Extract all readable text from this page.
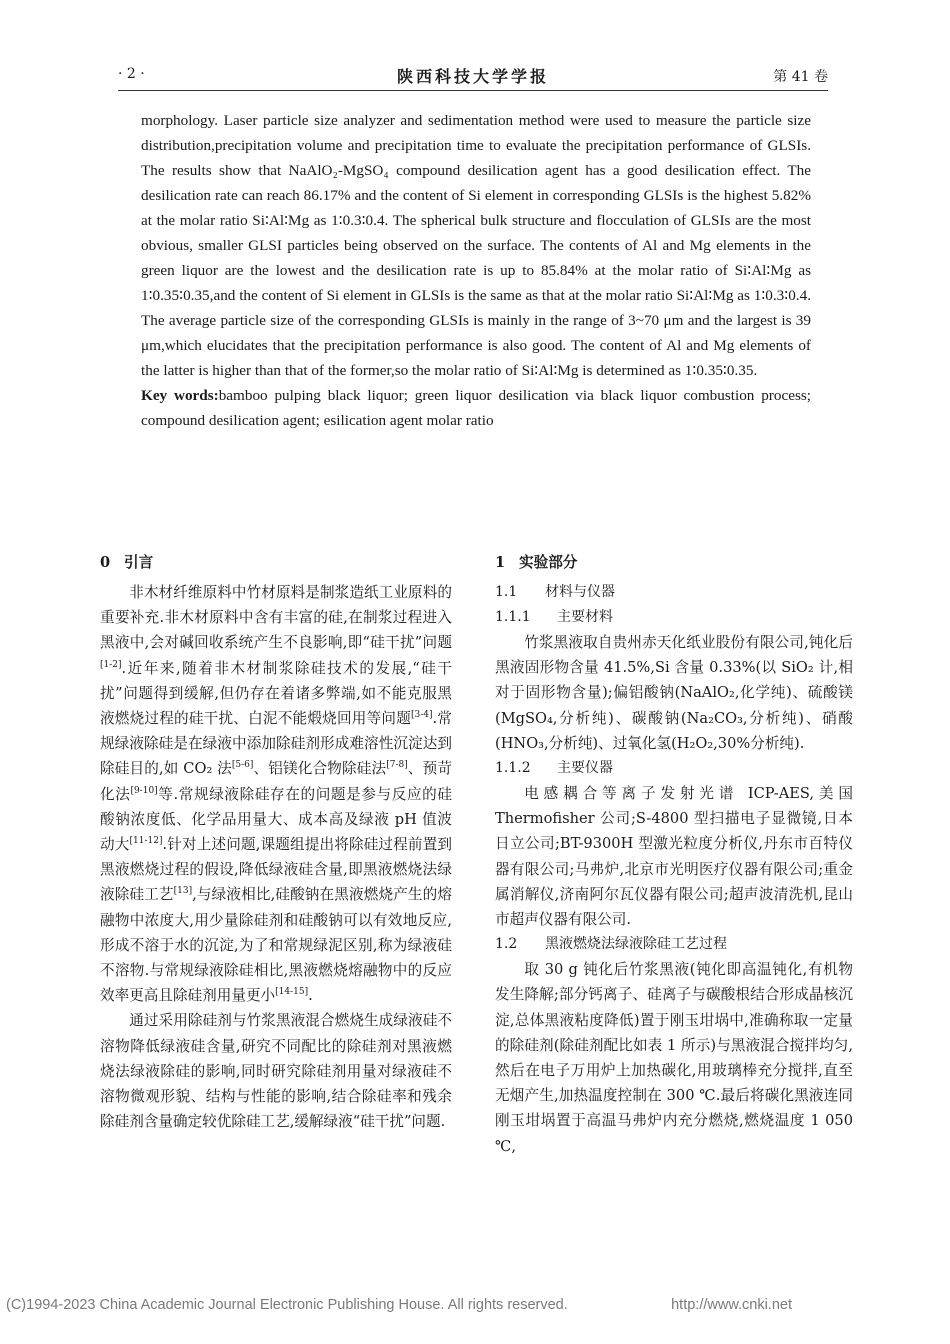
· 2 ·	陕西科技大学学报	第 41 卷

morphology. Laser particle size analyzer and sedimentation method were used to measure the particle size distribution,precipitation volume and precipitation time to evaluate the precipitation performance of GLSIs. The results show that NaAlO₂-MgSO₄ compound desilication agent has a good desilication effect. The desilication rate can reach 86.17% and the content of Si element in corresponding GLSIs is the highest 5.82% at the molar ratio Si∶Al∶Mg as 1∶0.3∶0.4. The spherical bulk structure and flocculation of GLSIs are the most obvious, smaller GLSI particles being observed on the surface. The contents of Al and Mg elements in the green liquor are the lowest and the desilication rate is up to 85.84% at the molar ratio of Si∶Al∶Mg as 1∶0.35∶0.35,and the content of Si element in GLSIs is the same as that at the molar ratio Si∶Al∶Mg as 1∶0.3∶0.4. The average particle size of the corresponding GLSIs is mainly in the range of 3~70 μm and the largest is 39 μm,which elucidates that the precipitation performance is also good. The content of Al and Mg elements of the latter is higher than that of the former,so the molar ratio of Si∶Al∶Mg is determined as 1∶0.35∶0.35.

Key words:bamboo pulping black liquor; green liquor desilication via black liquor combustion process; compound desilication agent; esilication agent molar ratio

0 引言

非木材纤维原料中竹材原料是制浆造纸工业原料的重要补充.非木材原料中含有丰富的硅,在制浆过程进入黑液中,会对碱回收系统产生不良影响,即“硅干扰”问题[1-2].近年来,随着非木材制浆除硅技术的发展,“硅干扰”问题得到缓解,但仍存在着诸多弊端,如不能克服黑液燃烧过程的硅干扰、白泥不能煅烧回用等问题[3-4].常规绿液除硅是在绿液中添加除硅剂形成难溶性沉淀达到除硅目的,如 CO₂ 法[5-6]、铝镁化合物除硅法[7-8]、预苛化法[9-10]等.常规绿液除硅存在的问题是参与反应的硅酸钠浓度低、化学品用量大、成本高及绿液 pH 值波动大[11-12].针对上述问题,课题组提出将除硅过程前置到黑液燃烧过程的假设,降低绿液硅含量,即黑液燃烧法绿液除硅工艺[13],与绿液相比,硅酸钠在黑液燃烧产生的熔融物中浓度大,用少量除硅剂和硅酸钠可以有效地反应,形成不溶于水的沉淀,为了和常规绿泥区别,称为绿液硅不溶物.与常规绿液除硅相比,黑液燃烧熔融物中的反应效率更高且除硅剂用量更小[14-15].

通过采用除硅剂与竹浆黑液混合燃烧生成绿液硅不溶物降低绿液硅含量,研究不同配比的除硅剂对黑液燃烧法绿液除硅的影响,同时研究除硅剂用量对绿液硅不溶物微观形貌、结构与性能的影响,结合除硅率和残余除硅剂含量确定较优除硅工艺,缓解绿液“硅干扰”问题.

1 实验部分
1.1 材料与仪器
1.1.1 主要材料

竹浆黑液取自贵州赤天化纸业股份有限公司,钝化后黑液固形物含量 41.5%,Si 含量 0.33%(以 SiO₂ 计,相对于固形物含量);偏铝酸钠(NaAlO₂,化学纯)、硫酸镁(MgSO₄,分析纯)、碳酸钠(Na₂CO₃,分析纯)、硝酸(HNO₃,分析纯)、过氧化氢(H₂O₂,30%分析纯).

1.1.2 主要仪器

电感耦合等离子发射光谱 ICP-AES,美国 Thermofisher 公司;S-4800 型扫描电子显微镜,日本日立公司;BT-9300H 型激光粒度分析仪,丹东市百特仪器有限公司;马弗炉,北京市光明医疗仪器有限公司;重金属消解仪,济南阿尔瓦仪器有限公司;超声波清洗机,昆山市超声仪器有限公司.

1.2 黑液燃烧法绿液除硅工艺过程

取 30 g 钝化后竹浆黑液(钝化即高温钝化,有机物发生降解;部分钙离子、硅离子与碳酸根结合形成晶核沉淀,总体黑液粘度降低)置于刚玉坩埚中,准确称取一定量的除硅剂(除硅剂配比如表 1 所示)与黑液混合搅拌均匀,然后在电子万用炉上加热碳化,用玻璃棒充分搅拌,直至无烟产生,加热温度控制在 300 ℃.最后将碳化黑液连同刚玉坩埚置于高温马弗炉内充分燃烧,燃烧温度 1 050 ℃,

(C)1994-2023 China Academic Journal Electronic Publishing House. All rights reserved.	http://www.cnki.net
